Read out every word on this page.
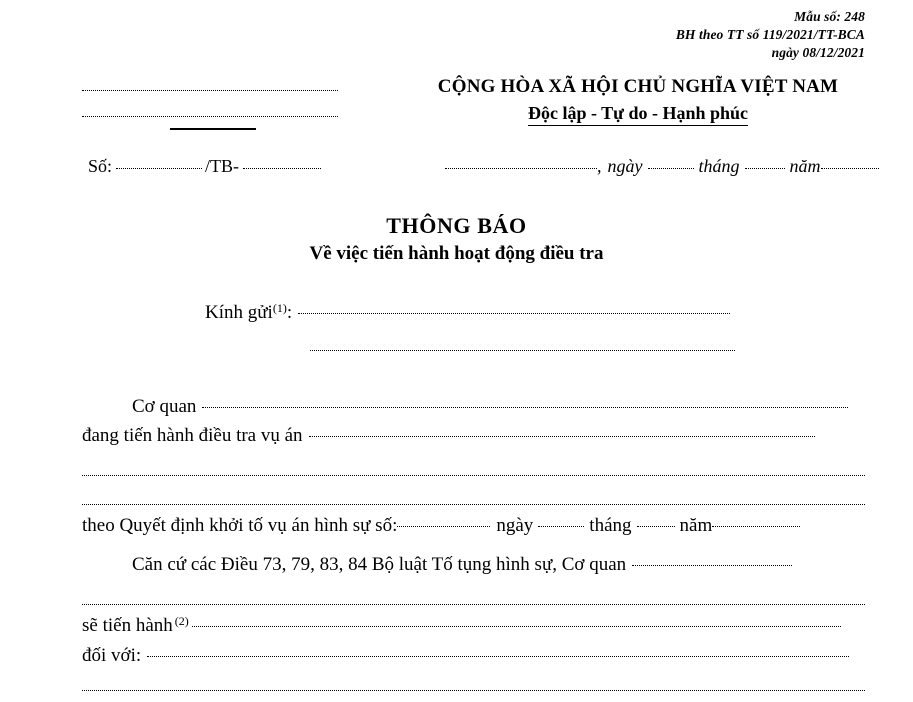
Mẫu số: 248
BH theo TT số 119/2021/TT-BCA
ngày 08/12/2021
CỘNG HÒA XÃ HỘI CHỦ NGHĨA VIỆT NAM
Độc lập - Tự do - Hạnh phúc
Số:	/TB-	, ngày	tháng	năm
THÔNG BÁO
Về việc tiến hành hoạt động điều tra
Kính gửi (1) :
Cơ quan
đang tiến hành điều tra vụ án
theo Quyết định khởi tố vụ án hình sự số:	ngày	tháng	năm
Căn cứ các Điều 73, 79, 83, 84 Bộ luật Tố tụng hình sự, Cơ quan
sẽ tiến hành (2)
đối với:
